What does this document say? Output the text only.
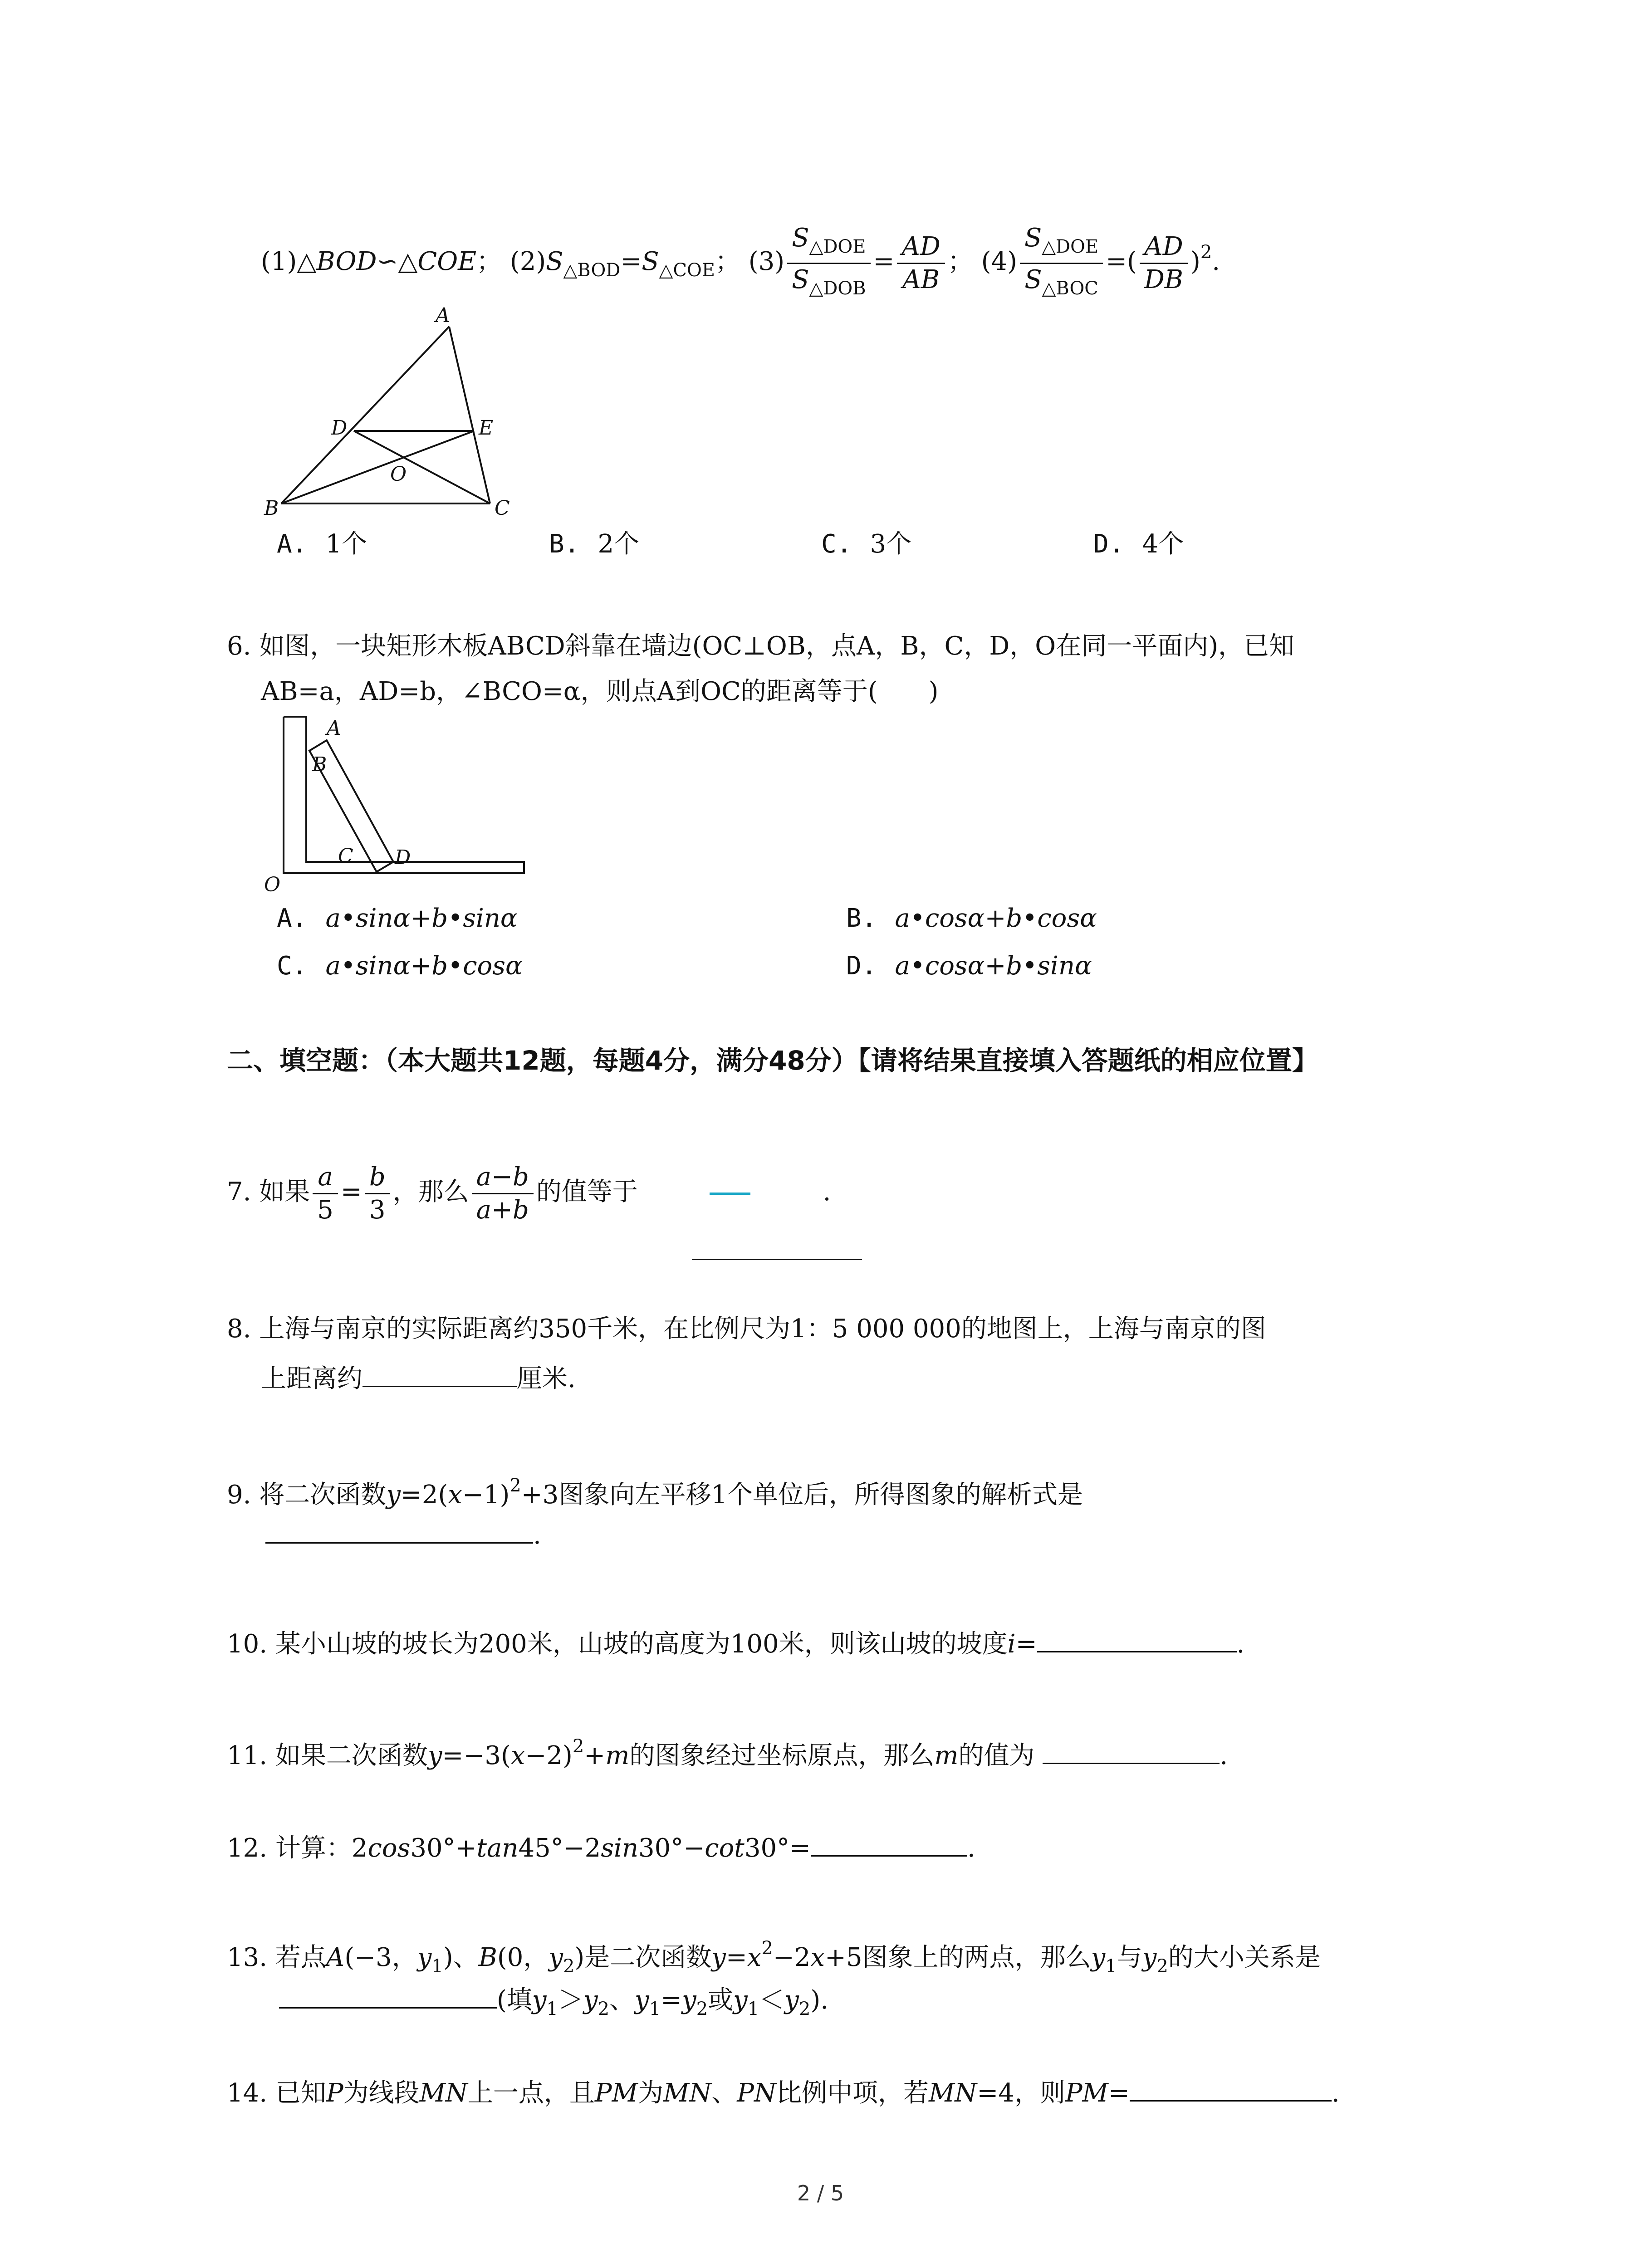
(1)△BOD∽△COE； $(2)S_{\triangle BOD}=S_{\triangle COE}$； $(3) \frac{S_{\triangle DOE}}{S_{\triangle DOB}} = \frac{AD}{AB}$ ； $(4) \frac{S_{\triangle DOE}}{S_{\triangle BOC}}$ =( $\frac{AD}{DB} )^2$.
A
D	E
O
B	C
A. 1个	B. 2个	C. 3个	D. 4个
6. 如图，一块矩形木板ABCD斜靠在墙边(OC⊥OB，点A，B，C，D，O在同一平面内)，已知
AB=a，AD=b，∠BCO=α，则点A到OC的距离等于(　　)
A
B
C D
O
A. a•sinα+b•sinα	B. a•cosα+b•cosα
C. a•sinα+b•cosα	D. a•cosα+b•sinα
二、填空题：（本大题共12题，每题4分，满分48分）【请将结果直接填入答题纸的相应位置】
7. 如果 $\frac{a}{5} = \frac{b}{3}$ ，那么 $\frac{a-b}{a+b}$ 的值等于	.
8. 上海与南京的实际距离约350千米，在比例尺为1：5 000 000的地图上，上海与南京的图
上距离约	厘米.
9. 将二次函数$y=2(x-1)^2+3$图象向左平移1个单位后，所得图象的解析式是
.
10. 某小山坡的坡长为200米，山坡的高度为100米，则该山坡的坡度i=	.
11. 如果二次函数$y=-3(x-2)^2+m$的图象经过坐标原点，那么m的值为	.
12. 计算：2cos30°+tan45°−2sin30°−cot30°=	.
13. 若点A(−3，$y_1$)、B(0，$y_2$)是二次函数$y=x^2-2x+5$图象上的两点，那么$y_1$与$y_2$的大小关系是
(填$y_1>y_2$、$y_1=y_2$或$y_1<y_2$).
14. 已知P为线段MN上一点，且PM为MN、PN比例中项，若MN=4，则PM=	.
2 / 5
